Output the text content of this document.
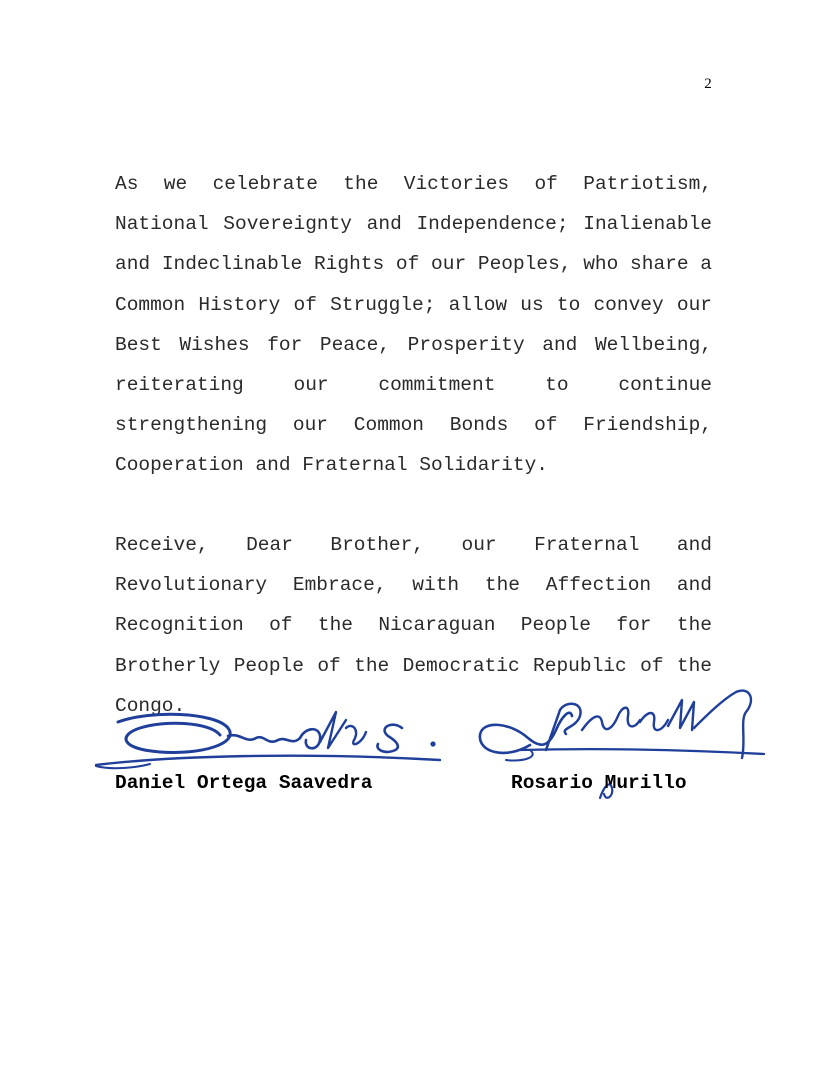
2

As we celebrate the Victories of Patriotism, National Sovereignty and Independence; Inalienable and Indeclinable Rights of our Peoples, who share a Common History of Struggle; allow us to convey our Best Wishes for Peace, Prosperity and Wellbeing, reiterating our commitment to continue strengthening our Common Bonds of Friendship, Cooperation and Fraternal Solidarity.

Receive, Dear Brother, our Fraternal and Revolutionary Embrace, with the Affection and Recognition of the Nicaraguan People for the Brotherly People of the Democratic Republic of the Congo.

Daniel Ortega Saavedra	Rosario Murillo
